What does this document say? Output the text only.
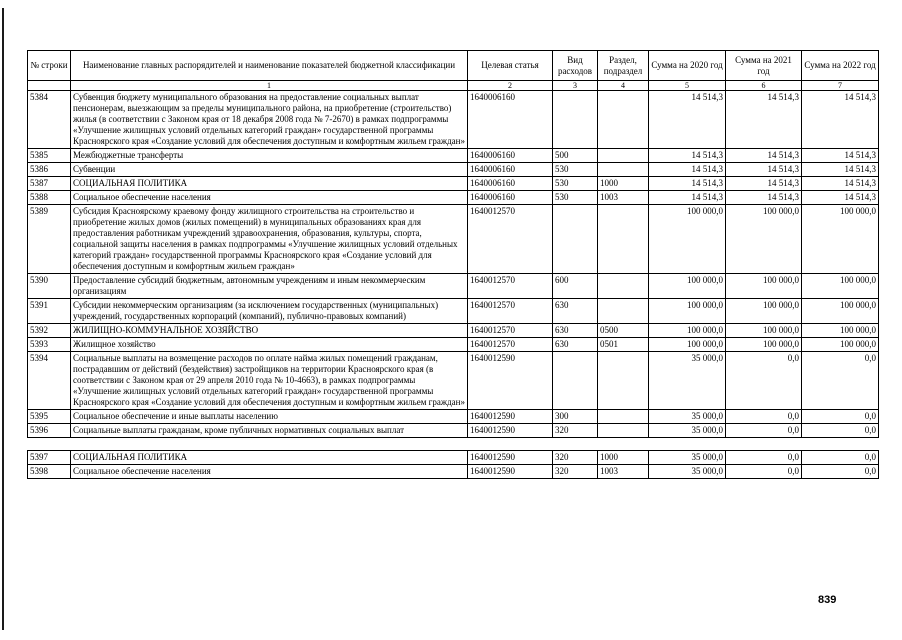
№ строки	Наименование главных распорядителей и наименование показателей бюджетной классификации	Целевая статья	Вид расходов	Раздел, подраздел	Сумма на 2020 год	Сумма на 2021 год	Сумма на 2022 год
	1	2	3	4	5	6	7
5384	Субвенция бюджету муниципального образования на предоставление социальных выплат пенсионерам, выезжающим за пределы муниципального района, на приобретение (строительство) жилья (в соответствии с Законом края от 18 декабря 2008 года № 7-2670) в рамках подпрограммы «Улучшение жилищных условий отдельных категорий граждан» государственной программы Красноярского края «Создание условий для обеспечения доступным и комфортным жильем граждан»	1640006160			14 514,3	14 514,3	14 514,3
5385	Межбюджетные трансферты	1640006160	500		14 514,3	14 514,3	14 514,3
5386	Субвенции	1640006160	530		14 514,3	14 514,3	14 514,3
5387	СОЦИАЛЬНАЯ ПОЛИТИКА	1640006160	530	1000	14 514,3	14 514,3	14 514,3
5388	Социальное обеспечение населения	1640006160	530	1003	14 514,3	14 514,3	14 514,3
5389	Субсидия Красноярскому краевому фонду жилищного строительства на строительство и приобретение жилых домов (жилых помещений) в муниципальных образованиях края для предоставления работникам учреждений здравоохранения, образования, культуры, спорта, социальной защиты населения в рамках подпрограммы «Улучшение жилищных условий отдельных категорий граждан» государственной программы Красноярского края «Создание условий для обеспечения доступным и комфортным жильем граждан»	1640012570			100 000,0	100 000,0	100 000,0
5390	Предоставление субсидий бюджетным, автономным учреждениям и иным некоммерческим организациям	1640012570	600		100 000,0	100 000,0	100 000,0
5391	Субсидии некоммерческим организациям (за исключением государственных (муниципальных) учреждений, государственных корпораций (компаний), публично-правовых компаний)	1640012570	630		100 000,0	100 000,0	100 000,0
5392	ЖИЛИЩНО-КОММУНАЛЬНОЕ ХОЗЯЙСТВО	1640012570	630	0500	100 000,0	100 000,0	100 000,0
5393	Жилищное хозяйство	1640012570	630	0501	100 000,0	100 000,0	100 000,0
5394	Социальные выплаты на возмещение расходов по оплате найма жилых помещений гражданам, пострадавшим от действий (бездействия) застройщиков на территории Красноярского края (в соответствии с Законом края от 29 апреля 2010 года № 10-4663), в рамках подпрограммы «Улучшение жилищных условий отдельных категорий граждан» государственной программы Красноярского края «Создание условий для обеспечения доступным и комфортным жильем граждан»	1640012590			35 000,0	0,0	0,0
5395	Социальное обеспечение и иные выплаты населению	1640012590	300		35 000,0	0,0	0,0
5396	Социальные выплаты гражданам, кроме публичных нормативных социальных выплат	1640012590	320		35 000,0	0,0	0,0

5397	СОЦИАЛЬНАЯ ПОЛИТИКА	1640012590	320	1000	35 000,0	0,0	0,0
5398	Социальное обеспечение населения	1640012590	320	1003	35 000,0	0,0	0,0
839
